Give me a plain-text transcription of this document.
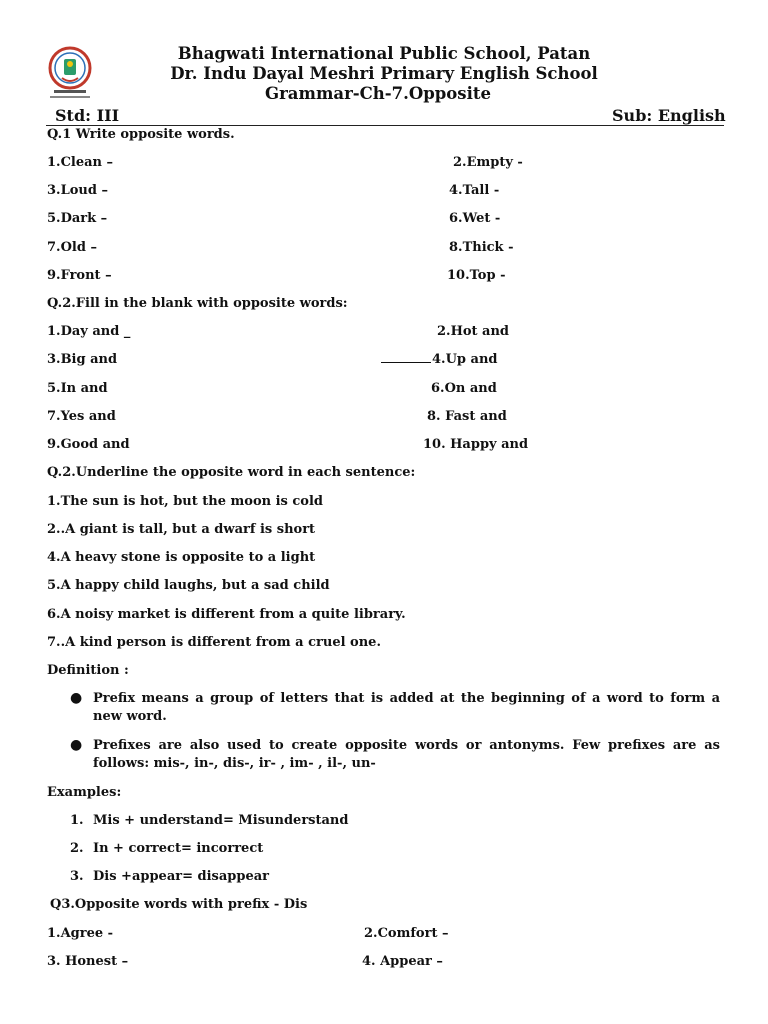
Bhagwati International Public School, Patan
Dr. Indu Dayal Meshri Primary English School
Grammar-Ch-7.Opposite
Std: III	Sub: English
Q.1 Write opposite words.
1.Clean –	2.Empty -
3.Loud –	4.Tall -
5.Dark –	6.Wet -
7.Old –	8.Thick -
9.Front –	10.Top -
Q.2.Fill in the blank with opposite words:
1.Day and _	2.Hot and
3.Big and	4.Up and
5.In and	6.On and
7.Yes and	8. Fast and
9.Good and	10. Happy and
Q.2.Underline the opposite word in each sentence:
1.The sun is hot, but the moon is cold
2..A giant is tall, but a dwarf is short
4.A heavy stone is opposite to a light
5.A happy child laughs, but a sad child
6.A noisy market is different from a quite library.
7..A kind person is different from a cruel one.
Definition :
● Prefix means a group of letters that is added at the beginning of a word to form a new word.
● Prefixes are also used to create opposite words or antonyms. Few prefixes are as follows: mis-, in-, dis-, ir- , im- , il-, un-
Examples:
1. Mis + understand= Misunderstand
2. In + correct= incorrect
3. Dis +appear= disappear
Q3.Opposite words with prefix - Dis
1.Agree -	2.Comfort –
3. Honest –	4. Appear –
